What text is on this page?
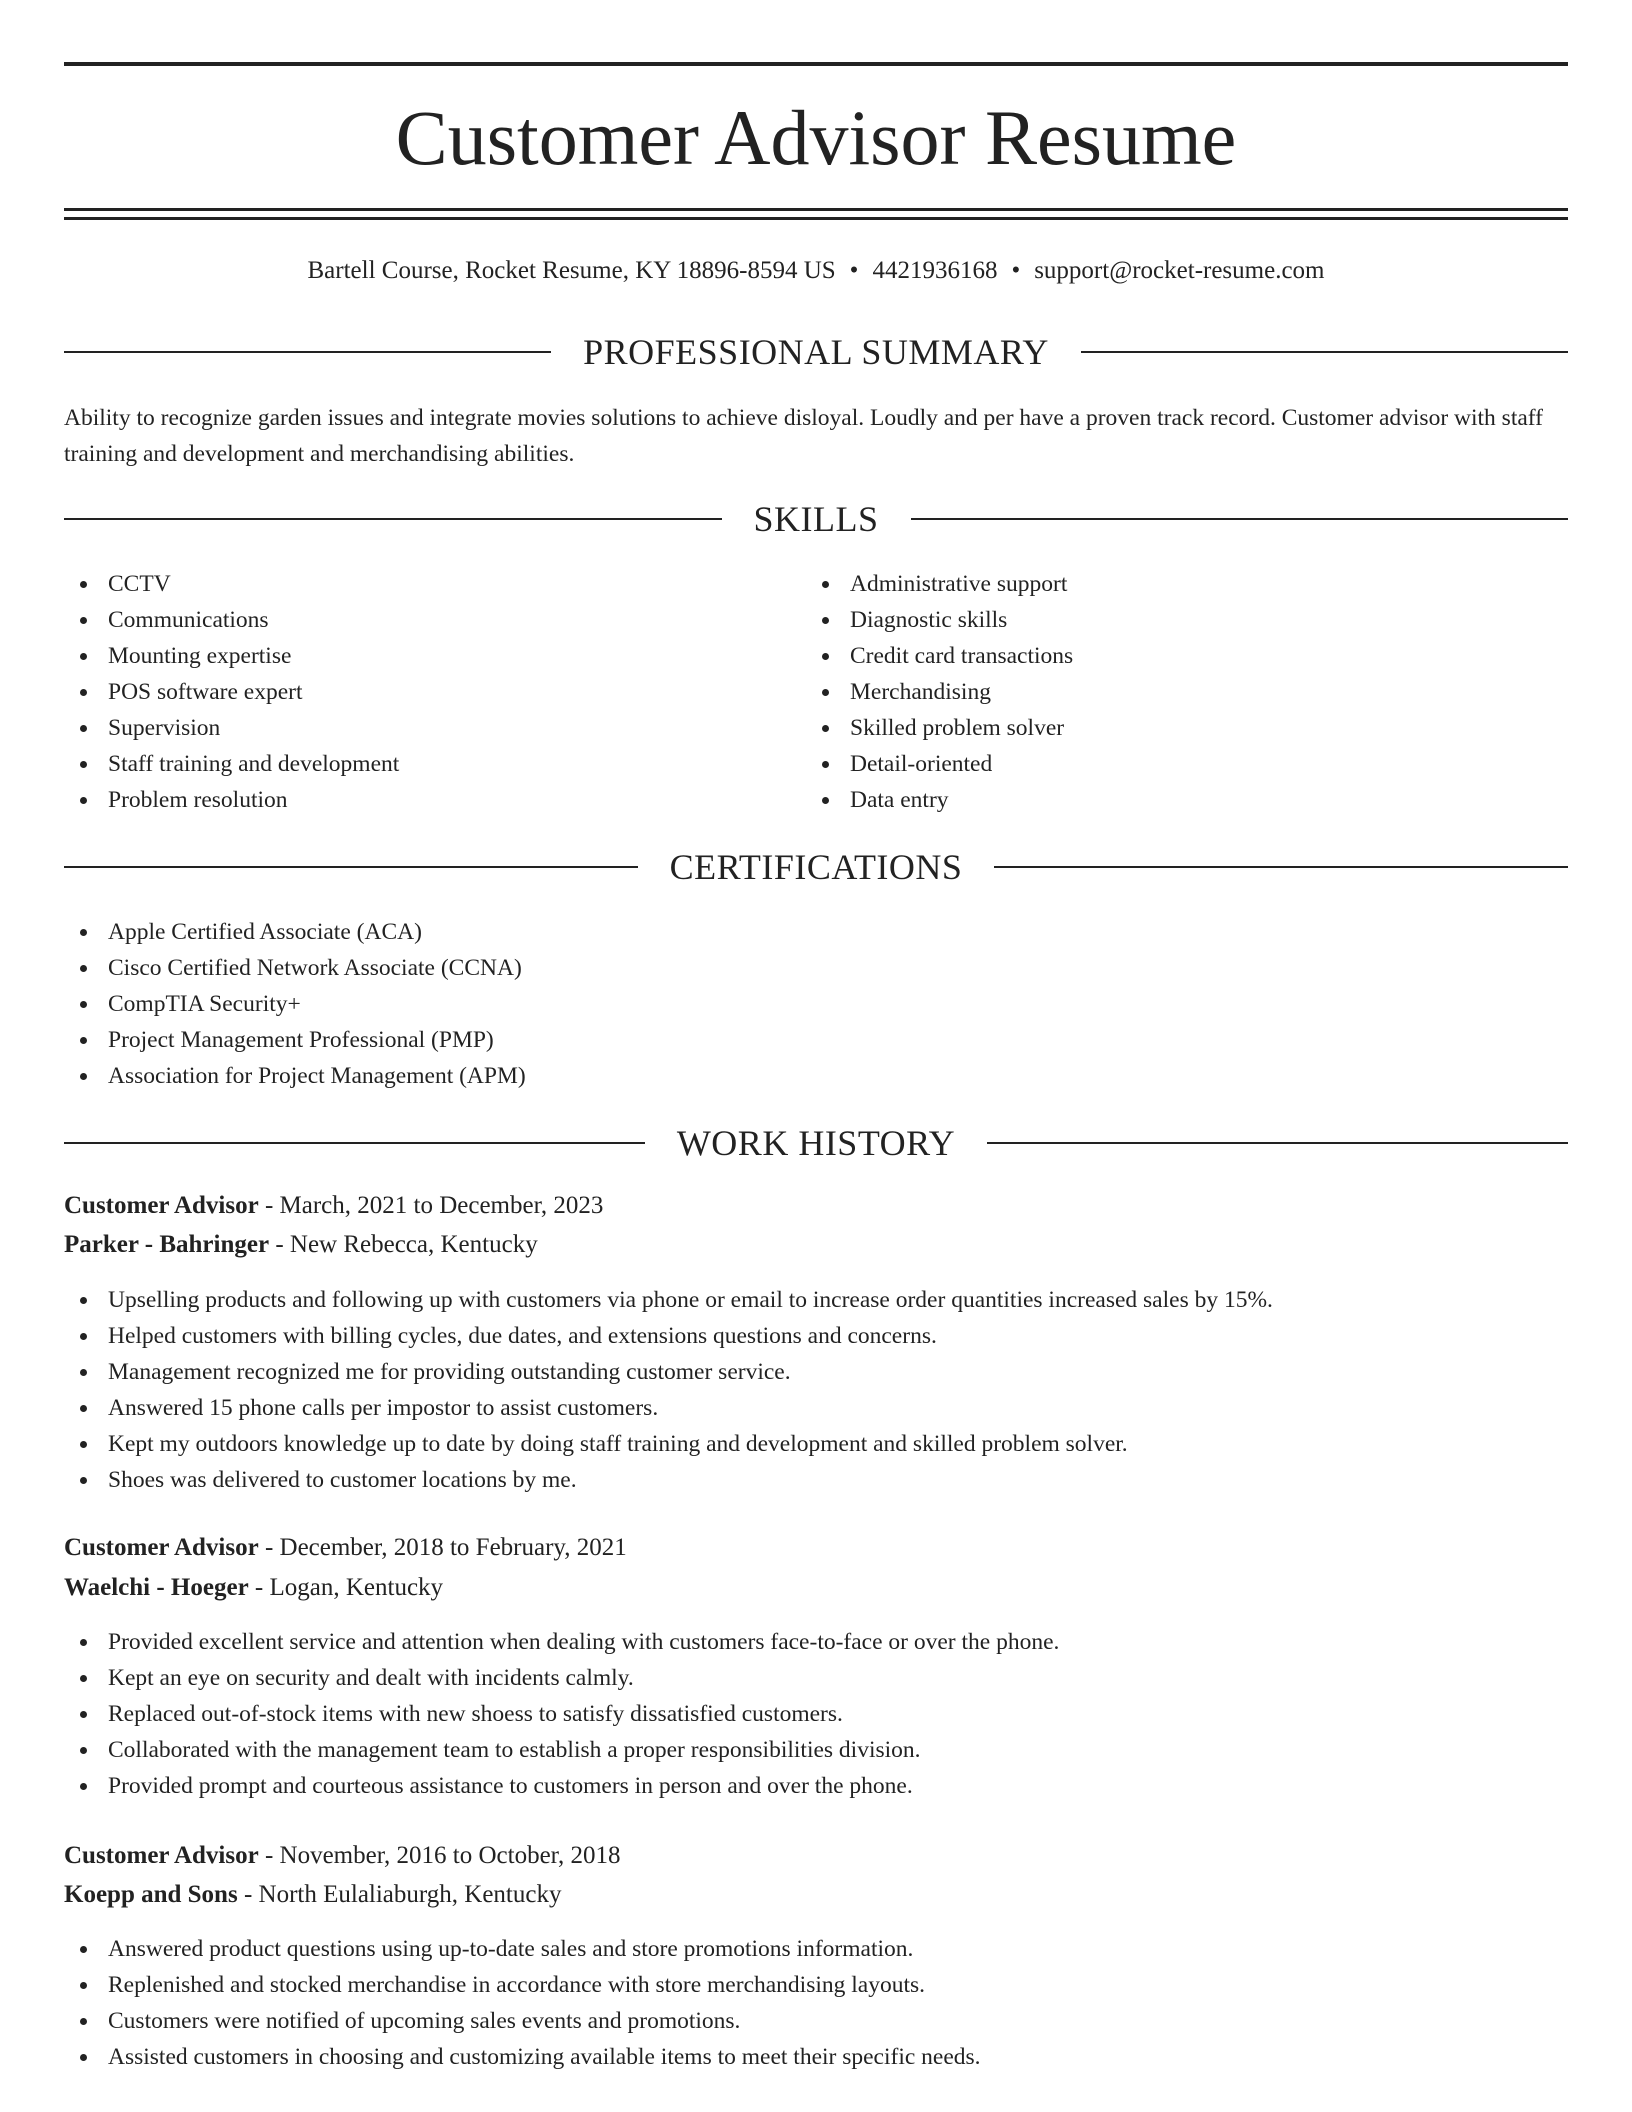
Customer Advisor Resume
Bartell Course, Rocket Resume, KY 18896-8594 US • 4421936168 • support@rocket-resume.com
PROFESSIONAL SUMMARY

Ability to recognize garden issues and integrate movies solutions to achieve disloyal. Loudly and per have a proven track record. Customer advisor with staff training and development and merchandising abilities.

SKILLS
CCTV
Communications
Mounting expertise
POS software expert
Supervision
Staff training and development
Problem resolution
Administrative support
Diagnostic skills
Credit card transactions
Merchandising
Skilled problem solver
Detail-oriented
Data entry
CERTIFICATIONS
Apple Certified Associate (ACA)
Cisco Certified Network Associate (CCNA)
CompTIA Security+
Project Management Professional (PMP)
Association for Project Management (APM)
WORK HISTORY
Customer Advisor - March, 2021 to December, 2023
Parker - Bahringer - New Rebecca, Kentucky
Upselling products and following up with customers via phone or email to increase order quantities increased sales by 15%.
Helped customers with billing cycles, due dates, and extensions questions and concerns.
Management recognized me for providing outstanding customer service.
Answered 15 phone calls per impostor to assist customers.
Kept my outdoors knowledge up to date by doing staff training and development and skilled problem solver.
Shoes was delivered to customer locations by me.
Customer Advisor - December, 2018 to February, 2021
Waelchi - Hoeger - Logan, Kentucky
Provided excellent service and attention when dealing with customers face-to-face or over the phone.
Kept an eye on security and dealt with incidents calmly.
Replaced out-of-stock items with new shoess to satisfy dissatisfied customers.
Collaborated with the management team to establish a proper responsibilities division.
Provided prompt and courteous assistance to customers in person and over the phone.
Customer Advisor - November, 2016 to October, 2018
Koepp and Sons - North Eulaliaburgh, Kentucky
Answered product questions using up-to-date sales and store promotions information.
Replenished and stocked merchandise in accordance with store merchandising layouts.
Customers were notified of upcoming sales events and promotions.
Assisted customers in choosing and customizing available items to meet their specific needs.
